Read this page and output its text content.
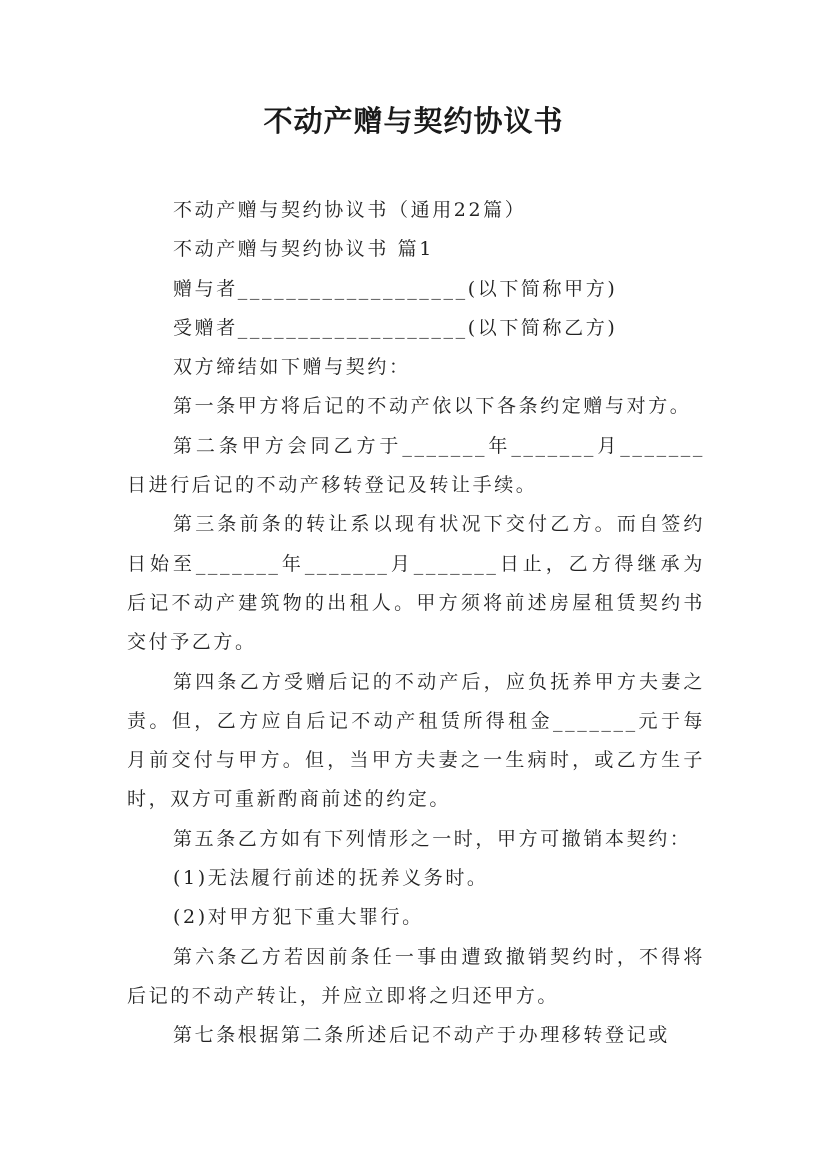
不动产赠与契约协议书

不动产赠与契约协议书（通用22篇）

不动产赠与契约协议书 篇1

赠与者___________________(以下简称甲方)

受赠者___________________(以下简称乙方)

双方缔结如下赠与契约：

第一条甲方将后记的不动产依以下各条约定赠与对方。

第二条甲方会同乙方于_______年_______月_______日进行后记的不动产移转登记及转让手续。

第三条前条的转让系以现有状况下交付乙方。而自签约日始至_______年_______月_______日止，乙方得继承为后记不动产建筑物的出租人。甲方须将前述房屋租赁契约书交付予乙方。

第四条乙方受赠后记的不动产后，应负抚养甲方夫妻之责。但，乙方应自后记不动产租赁所得租金_______元于每月前交付与甲方。但，当甲方夫妻之一生病时，或乙方生子时，双方可重新酌商前述的约定。

第五条乙方如有下列情形之一时，甲方可撤销本契约：

(1)无法履行前述的抚养义务时。

(2)对甲方犯下重大罪行。

第六条乙方若因前条任一事由遭致撤销契约时，不得将后记的不动产转让，并应立即将之归还甲方。

第七条根据第二条所述后记不动产于办理移转登记或
